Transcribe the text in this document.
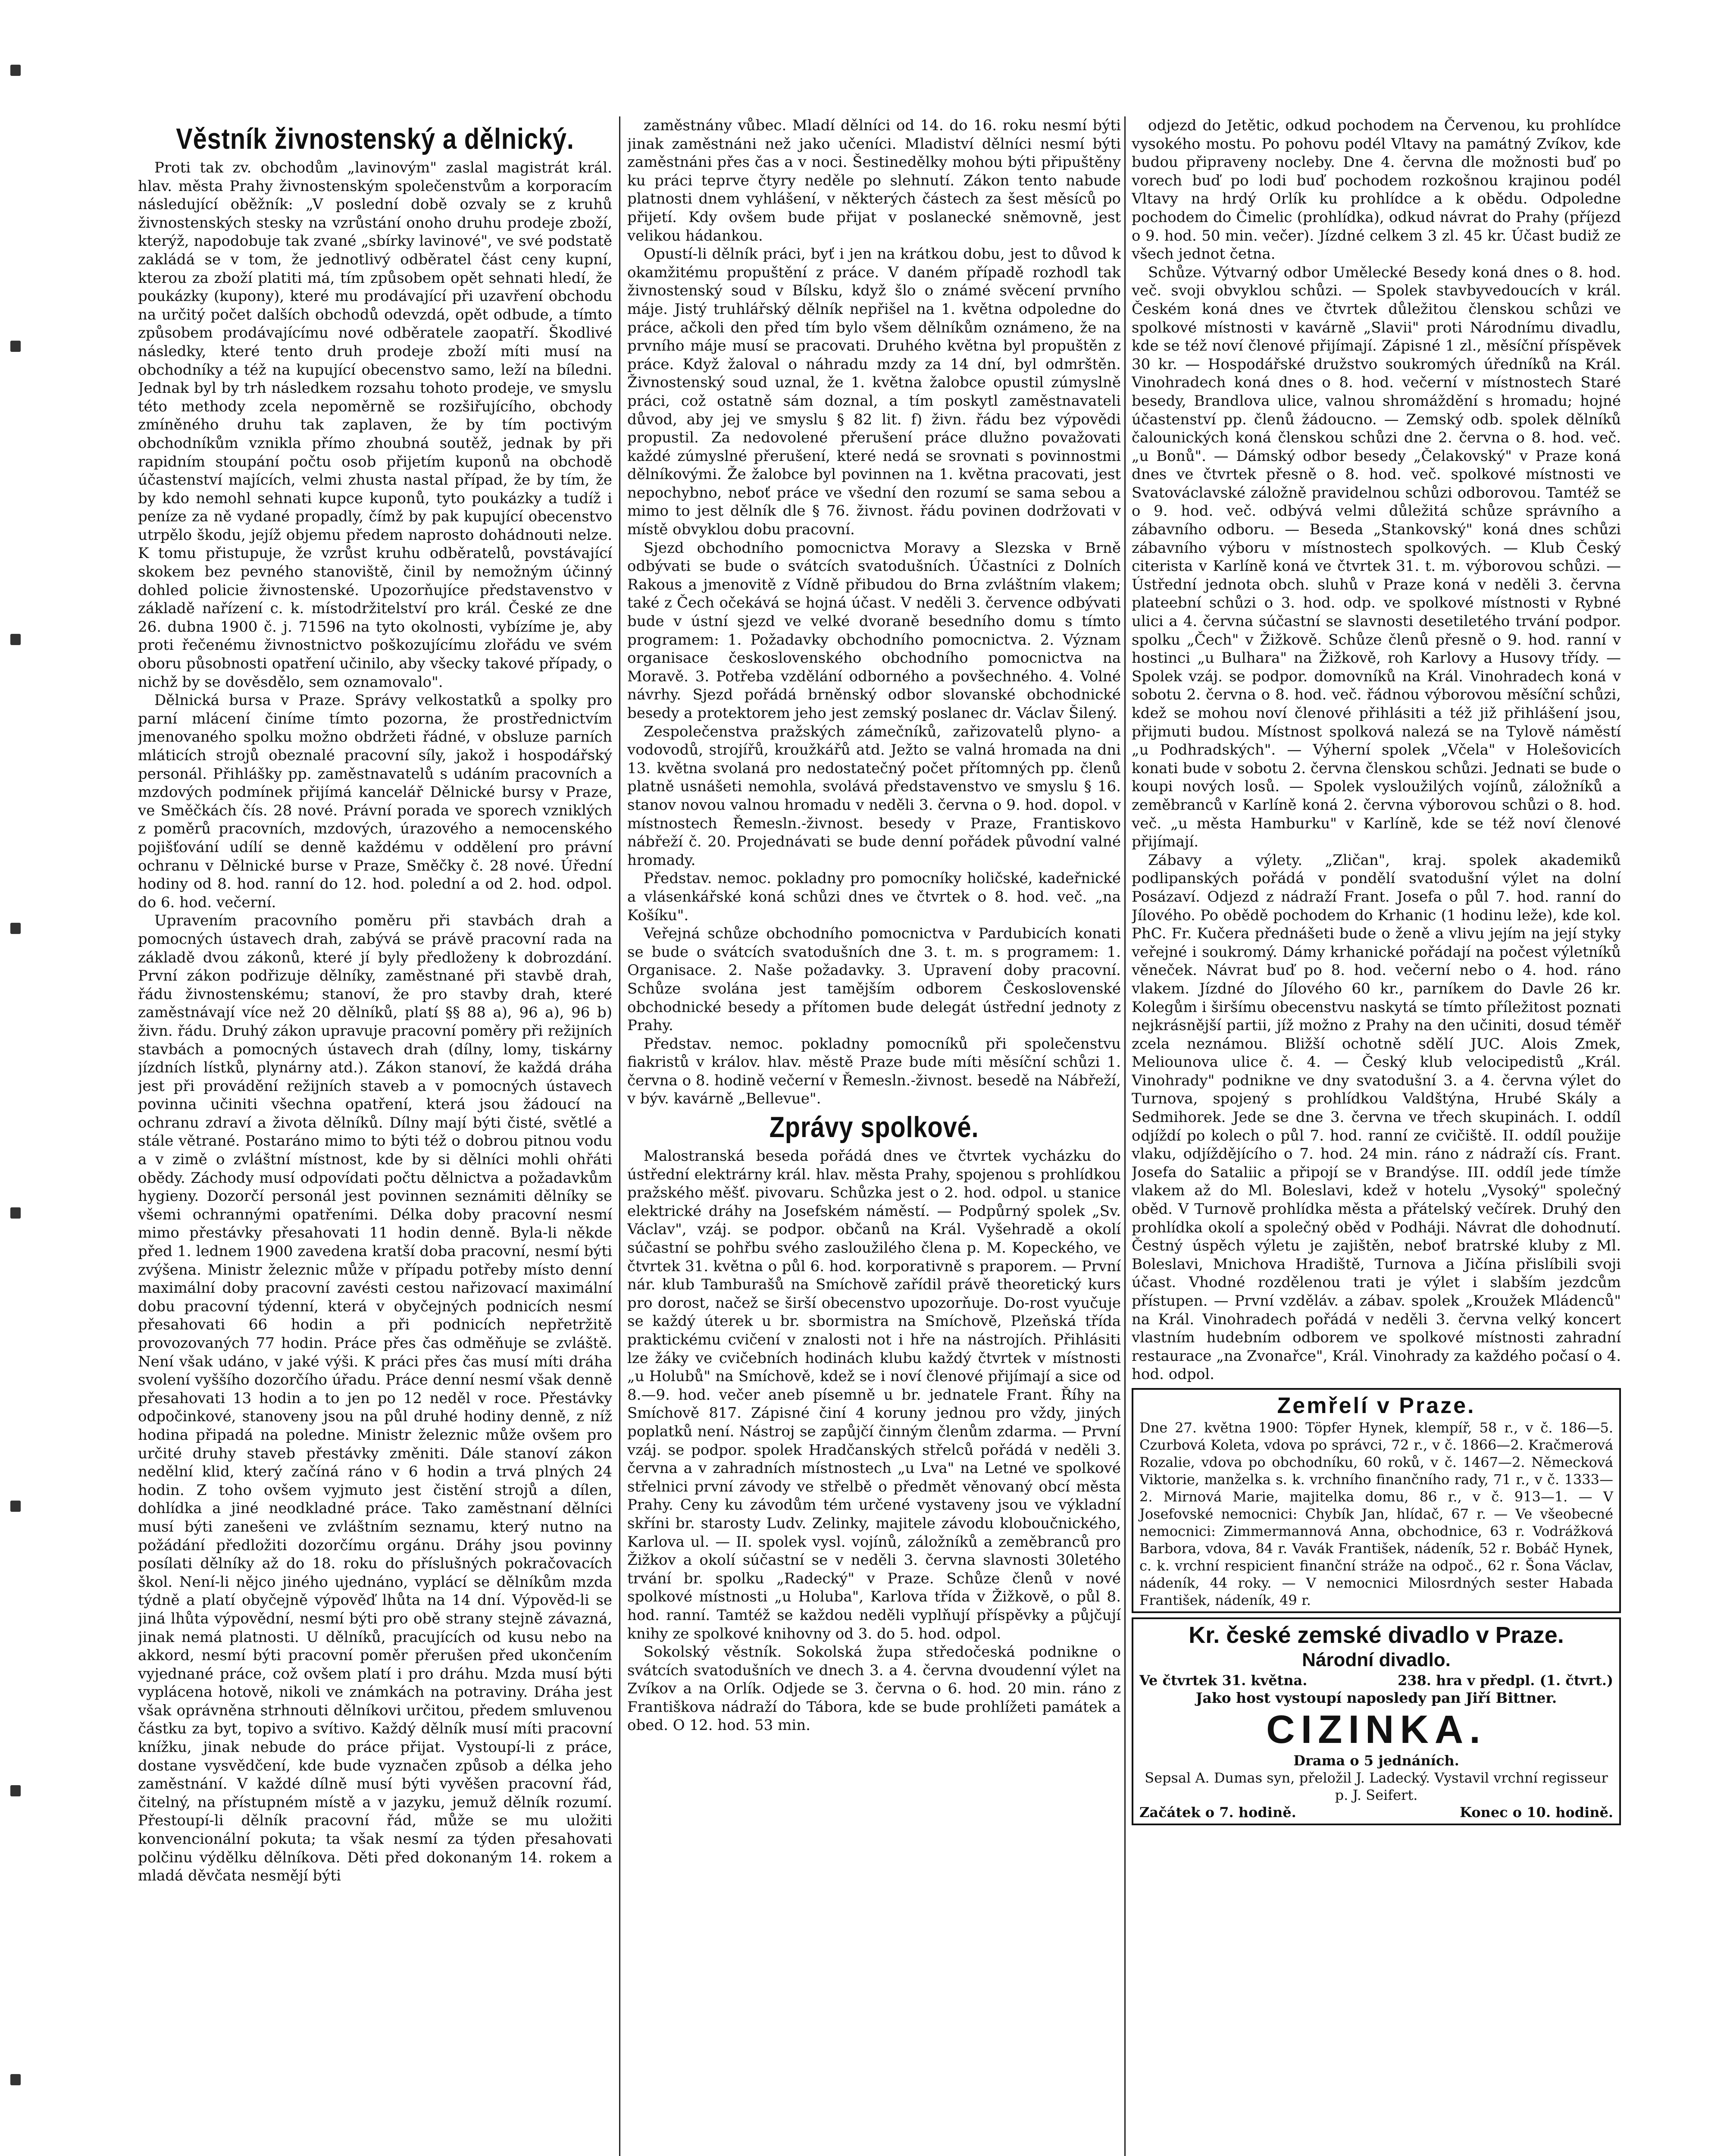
Věstník živnostenský a dělnický.

Proti tak zv. obchodům „lavinovým" zaslal magistrát král. hlav. města Prahy živnostenským společenstvům a korporacím následující oběžník: „V poslední době ozvaly se z kruhů živnostenských stesky na vzrůstání onoho druhu prodeje zboží, kterýž, napodobuje tak zvané „sbírky lavinové", ve své podstatě zakládá se v tom, že jednotlivý odběratel část ceny kupní, kterou za zboží platiti má, tím způsobem opět sehnati hledí, že poukázky (kupony), které mu prodávající při uzavření obchodu na určitý počet dalších obchodů odevzdá, opět odbude, a tímto způsobem prodávajícímu nové odběratele zaopatří. Škodlivé následky, které tento druh prodeje zboží míti musí na obchodníky a též na kupující obecenstvo samo, leží na bíledni. Jednak byl by trh následkem rozsahu tohoto prodeje, ve smyslu této methody zcela nepoměrně se rozšiřujícího, obchody zmíněného druhu tak zaplaven, že by tím poctivým obchodníkům vznikla přímo zhoubná soutěž, jednak by při rapidním stoupání počtu osob přijetím kuponů na obchodě účastenství majících, velmi zhusta nastal případ, že by tím, že by kdo nemohl sehnati kupce kuponů, tyto poukázky a tudíž i peníze za ně vydané propadly, čímž by pak kupující obecenstvo utrpělo škodu, jejíž objemu předem naprosto dohádnouti nelze. K tomu přistupuje, že vzrůst kruhu odběratelů, povstávající skokem bez pevného stanoviště, činil by nemožným účinný dohled policie živnostenské. Upozorňujíce představenstvo v základě nařízení c. k. místodržitelství pro král. České ze dne 26. dubna 1900 č. j. 71596 na tyto okolnosti, vybízíme je, aby proti řečenému živnostnictvo poškozujícímu zlořádu ve svém oboru působnosti opatření učinilo, aby všecky takové případy, o nichž by se dověsdělo, sem oznamovalo".

Dělnická bursa v Praze. Správy velkostatků a spolky pro parní mlácení činíme tímto pozorna, že prostřednictvím jmenovaného spolku možno obdržeti řádné, v obsluze parních mláticích strojů obeznalé pracovní síly, jakož i hospodářský personál. Přihlášky pp. zaměstnavatelů s udáním pracovních a mzdových podmínek přijímá kancelář Dělnické bursy v Praze, ve Směčkách čís. 28 nové. Právní porada ve sporech vzniklých z poměrů pracovních, mzdových, úrazového a nemocenského pojišťování udílí se denně každému v oddělení pro právní ochranu v Dělnické burse v Praze, Směčky č. 28 nové. Úřední hodiny od 8. hod. ranní do 12. hod. polední a od 2. hod. odpol. do 6. hod. večerní.

Upravením pracovního poměru při stavbách drah a pomocných ústavech drah, zabývá se právě pracovní rada na základě dvou zákonů, které jí byly předloženy k dobrozdání. První zákon podřizuje dělníky, zaměstnané při stavbě drah, řádu živnostenskému; stanoví, že pro stavby drah, které zaměstnávají více než 20 dělníků, platí §§ 88 a), 96 a), 96 b) živn. řádu. Druhý zákon upravuje pracovní poměry při režijních stavbách a pomocných ústavech drah (dílny, lomy, tiskárny jízdních lístků, plynárny atd.). Zákon stanoví, že každá dráha jest při provádění režijních staveb a v pomocných ústavech povinna učiniti všechna opatření, která jsou žádoucí na ochranu zdraví a života dělníků. Dílny mají býti čisté, světlé a stále větrané. Postaráno mimo to býti též o dobrou pitnou vodu a v zimě o zvláštní místnost, kde by si dělníci mohli ohřáti obědy. Záchody musí odpovídati počtu dělnictva a požadavkům hygieny. Dozorčí personál jest povinnen seznámiti dělníky se všemi ochrannými opatřeními. Délka doby pracovní nesmí mimo přestávky přesahovati 11 hodin denně. Byla-li někde před 1. lednem 1900 zavedena kratší doba pracovní, nesmí býti zvýšena. Ministr železnic může v případu potřeby místo denní maximální doby pracovní zavésti cestou nařizovací maximální dobu pracovní týdenní, která v obyčejných podnicích nesmí přesahovati 66 hodin a při podnicích nepřetržitě provozovaných 77 hodin. Práce přes čas odměňuje se zvláště. Není však udáno, v jaké výši. K práci přes čas musí míti dráha svolení vyššího dozorčího úřadu. Práce denní nesmí však denně přesahovati 13 hodin a to jen po 12 neděl v roce. Přestávky odpočinkové, stanoveny jsou na půl druhé hodiny denně, z níž hodina připadá na poledne. Ministr železnic může ovšem pro určité druhy staveb přestávky změniti. Dále stanoví zákon nedělní klid, který začíná ráno v 6 hodin a trvá plných 24 hodin. Z toho ovšem vyjmuto jest čistění strojů a dílen, dohlídka a jiné neodkladné práce. Tako zaměstnaní dělníci musí býti zanešeni ve zvláštním seznamu, který nutno na požádání předložiti dozorčímu orgánu. Dráhy jsou povinny posílati dělníky až do 18. roku do příslušných pokračovacích škol. Není-li nějco jiného ujednáno, vyplácí se dělníkům mzda týdně a platí obyčejně výpověď lhůta na 14 dní. Výpověd-li se jiná lhůta výpovědní, nesmí býti pro obě strany stejně závazná, jinak nemá platnosti. U dělníků, pracujících od kusu nebo na akkord, nesmí býti pracovní poměr přerušen před ukončením vyjednané práce, což ovšem platí i pro dráhu. Mzda musí býti vyplácena hotově, nikoli ve známkách na potraviny. Dráha jest však oprávněna strhnouti dělníkovi určitou, předem smluvenou částku za byt, topivo a svítivo. Každý dělník musí míti pracovní knížku, jinak nebude do práce přijat. Vystoupí-li z práce, dostane vysvědčení, kde bude vyznačen způsob a délka jeho zaměstnání. V každé dílně musí býti vyvěšen pracovní řád, čitelný, na přístupném místě a v jazyku, jemuž dělník rozumí. Přestoupí-li dělník pracovní řád, může se mu uložiti konvencionální pokuta; ta však nesmí za týden přesahovati polčinu výdělku dělníkova. Děti před dokonaným 14. rokem a mladá děvčata nesmějí býti

zaměstnány vůbec. Mladí dělníci od 14. do 16. roku nesmí býti jinak zaměstnáni než jako učeníci. Mladiství dělníci nesmí býti zaměstnáni přes čas a v noci. Šestinedělky mohou býti připuštěny ku práci teprve čtyry neděle po slehnutí. Zákon tento nabude platnosti dnem vyhlášení, v některých částech za šest měsíců po přijetí. Kdy ovšem bude přijat v poslanecké sněmovně, jest velikou hádankou.

Opustí-li dělník práci, byť i jen na krátkou dobu, jest to důvod k okamžitému propuštění z práce. V daném případě rozhodl tak živnostenský soud v Bílsku, když šlo o známé svěcení prvního máje. Jistý truhlářský dělník nepřišel na 1. května odpoledne do práce, ačkoli den před tím bylo všem dělníkům oznámeno, že na prvního máje musí se pracovati. Druhého května byl propuštěn z práce. Když žaloval o náhradu mzdy za 14 dní, byl odmrštěn. Živnostenský soud uznal, že 1. května žalobce opustil zúmyslně práci, což ostatně sám doznal, a tím poskytl zaměstnavateli důvod, aby jej ve smyslu § 82 lit. f) živn. řádu bez výpovědi propustil. Za nedovolené přerušení práce dlužno považovati každé zúmyslné přerušení, které nedá se srovnati s povinnostmi dělníkovými. Že žalobce byl povinnen na 1. května pracovati, jest nepochybno, neboť práce ve všední den rozumí se sama sebou a mimo to jest dělník dle § 76. živnost. řádu povinen dodržovati v místě obvyklou dobu pracovní.

Sjezd obchodního pomocnictva Moravy a Slezska v Brně odbývati se bude o svátcích svatodušních. Účastníci z Dolních Rakous a jmenovitě z Vídně přibudou do Brna zvláštním vlakem; také z Čech očekává se hojná účast. V neděli 3. července odbývati bude v ústní sjezd ve velké dvoraně besedního domu s tímto programem: 1. Požadavky obchodního pomocnictva. 2. Význam organisace československého obchodního pomocnictva na Moravě. 3. Potřeba vzdělání odborného a povšechného. 4. Volné návrhy. Sjezd pořádá brněnský odbor slovanské obchodnické besedy a protektorem jeho jest zemský poslanec dr. Václav Šilený.

Zespolečenstva pražských zámečníků, zařizovatelů plyno- a vodovodů, strojířů, kroužkářů atd. Ježto se valná hromada na dni 13. května svolaná pro nedostatečný počet přítomných pp. členů platně usnášeti nemohla, svolává představenstvo ve smyslu § 16. stanov novou valnou hromadu v neděli 3. června o 9. hod. dopol. v místnostech Řemesln.-živnost. besedy v Praze, Frantiskovo nábřeží č. 20. Projednávati se bude denní pořádek původní valné hromady.

Představ. nemoc. pokladny pro pomocníky holičské, kadeřnické a vlásenkářské koná schůzi dnes ve čtvrtek o 8. hod. več. „na Košíku".

Veřejná schůze obchodního pomocnictva v Pardubicích konati se bude o svátcích svatodušních dne 3. t. m. s programem: 1. Organisace. 2. Naše požadavky. 3. Upravení doby pracovní. Schůze svolána jest tamějším odborem Československé obchodnické besedy a přítomen bude delegát ústřední jednoty z Prahy.

Představ. nemoc. pokladny pomocníků při společenstvu fiakristů v králov. hlav. městě Praze bude míti měsíční schůzi 1. června o 8. hodině večerní v Řemesln.-živnost. besedě na Nábřeží, v býv. kavárně „Bellevue".

Zprávy spolkové.

Malostranská beseda pořádá dnes ve čtvrtek vycházku do ústřední elektrárny král. hlav. města Prahy, spojenou s prohlídkou pražského měšť. pivovaru. Schůzka jest o 2. hod. odpol. u stanice elektrické dráhy na Josefském náměstí. — Podpůrný spolek „Sv. Václav", vzáj. se podpor. občanů na Král. Vyšehradě a okolí súčastní se pohřbu svého zasloužilého člena p. M. Kopeckého, ve čtvrtek 31. května o půl 6. hod. korporativně s praporem. — První nár. klub Tamburašů na Smíchově zařídil právě theoretický kurs pro dorost, načež se širší obecenstvo upozorňuje. Do-rost vyučuje se každý úterek u br. sbormistra na Smíchově, Plzeňská třída praktickému cvičení v znalosti not i hře na nástrojích. Přihlásiti lze žáky ve cvičebních hodinách klubu každý čtvrtek v místnosti „u Holubů" na Smíchově, kdež se i noví členové přijímají a sice od 8.—9. hod. večer aneb písemně u br. jednatele Frant. Říhy na Smíchově 817. Zápisné činí 4 koruny jednou pro vždy, jiných poplatků není. Nástroj se zapůjčí činným členům zdarma. — První vzáj. se podpor. spolek Hradčanských střelců pořádá v neděli 3. června a v zahradních místnostech „u Lva" na Letné ve spolkové střelnici první závody ve střelbě o předmět věnovaný obcí města Prahy. Ceny ku závodům tém určené vystaveny jsou ve výkladní skříni br. starosty Ludv. Zelinky, majitele závodu kloboučnického, Karlova ul. — II. spolek vysl. vojínů, záložníků a zeměbranců pro Žižkov a okolí súčastní se v neděli 3. června slavnosti 30letého trvání br. spolku „Radecký" v Praze. Schůze členů v nové spolkové místnosti „u Holuba", Karlova třída v Žižkově, o půl 8. hod. ranní. Tamtéž se každou neděli vyplňují příspěvky a půjčují knihy ze spolkové knihovny od 3. do 5. hod. odpol.

Sokolský věstník. Sokolská župa středočeská podnikne o svátcích svatodušních ve dnech 3. a 4. června dvoudenní výlet na Zvíkov a na Orlík. Odjede se 3. června o 6. hod. 20 min. ráno z Františkova nádraží do Tábora, kde se bude prohlížeti památek a obed. O 12. hod. 53 min.

odjezd do Jetětic, odkud pochodem na Červenou, ku prohlídce vysokého mostu. Po pohovu podél Vltavy na památný Zvíkov, kde budou připraveny nocleby. Dne 4. června dle možnosti buď po vorech buď po lodi buď pochodem rozkošnou krajinou podél Vltavy na hrdý Orlík ku prohlídce a k obědu. Odpoledne pochodem do Čimelic (prohlídka), odkud návrat do Prahy (příjezd o 9. hod. 50 min. večer). Jízdné celkem 3 zl. 45 kr. Účast budiž ze všech jednot četna.

Schůze. Výtvarný odbor Umělecké Besedy koná dnes o 8. hod. več. svoji obvyklou schůzi. — Spolek stavbyvedoucích v král. Českém koná dnes ve čtvrtek důležitou členskou schůzi ve spolkové místnosti v kavárně „Slavii" proti Národnímu divadlu, kde se též noví členové přijímají. Zápisné 1 zl., měsíční příspěvek 30 kr. — Hospodářské družstvo soukromých úředníků na Král. Vinohradech koná dnes o 8. hod. večerní v místnostech Staré besedy, Brandlova ulice, valnou shromáždění s hromadu; hojné účastenství pp. členů žádoucno. — Zemský odb. spolek dělníků čalounických koná členskou schůzi dne 2. června o 8. hod. več. „u Bonů". — Dámský odbor besedy „Čelakovský" v Praze koná dnes ve čtvrtek přesně o 8. hod. več. spolkové místnosti ve Svatováclavské záložně pravidelnou schůzi odborovou. Tamtéž se o 9. hod. več. odbývá velmi důležitá schůze správního a zábavního odboru. — Beseda „Stankovský" koná dnes schůzi zábavního výboru v místnostech spolkových. — Klub Český citerista v Karlíně koná ve čtvrtek 31. t. m. výborovou schůzi. — Ústřední jednota obch. sluhů v Praze koná v neděli 3. června plateební schůzi o 3. hod. odp. ve spolkové místnosti v Rybné ulici a 4. června súčastní se slavnosti desetiletého trvání podpor. spolku „Čech" v Žižkově. Schůze členů přesně o 9. hod. ranní v hostinci „u Bulhara" na Žižkově, roh Karlovy a Husovy třídy. — Spolek vzáj. se podpor. domovníků na Král. Vinohradech koná v sobotu 2. června o 8. hod. več. řádnou výborovou měsíční schůzi, kdež se mohou noví členové přihlásiti a též již přihlášení jsou, přijmuti budou. Místnost spolková nalezá se na Tylově náměstí „u Podhradských". — Výherní spolek „Včela" v Holešovicích konati bude v sobotu 2. června členskou schůzi. Jednati se bude o koupi nových losů. — Spolek vysloužilých vojínů, záložníků a zeměbranců v Karlíně koná 2. června výborovou schůzi o 8. hod. več. „u města Hamburku" v Karlíně, kde se též noví členové přijímají.

Zábavy a výlety. „Zličan", kraj. spolek akademiků podlipanských pořádá v pondělí svatodušní výlet na dolní Posázaví. Odjezd z nádraží Frant. Josefa o půl 7. hod. ranní do Jílového. Po obědě pochodem do Krhanic (1 hodinu leže), kde kol. PhC. Fr. Kučera přednášeti bude o ženě a vlivu jejím na její styky veřejné i soukromý. Dámy krhanické pořádají na počest výletníků věneček. Návrat buď po 8. hod. večerní nebo o 4. hod. ráno vlakem. Jízdné do Jílového 60 kr., parníkem do Davle 26 kr. Kolegům i širšímu obecenstvu naskytá se tímto příležitost poznati nejkrásnější partii, jíž možno z Prahy na den učiniti, dosud téměř zcela neznámou. Bližší ochotně sdělí JUC. Alois Zmek, Meliounova ulice č. 4. — Český klub velocipedistů „Král. Vinohrady" podnikne ve dny svatodušní 3. a 4. června výlet do Turnova, spojený s prohlídkou Valdštýna, Hrubé Skály a Sedmihorek. Jede se dne 3. června ve třech skupinách. I. oddíl odjíždí po kolech o půl 7. hod. ranní ze cvičiště. II. oddíl použije vlaku, odjíždějícího o 7. hod. 24 min. ráno z nádraží cís. Frant. Josefa do Sataliic a připojí se v Brandýse. III. oddíl jede tímže vlakem až do Ml. Boleslavi, kdež v hotelu „Vysoký" společný oběd. V Turnově prohlídka města a přátelský večírek. Druhý den prohlídka okolí a společný oběd v Podháji. Návrat dle dohodnutí. Čestný úspěch výletu je zajištěn, neboť bratrské kluby z Ml. Boleslavi, Mnichova Hradiště, Turnova a Jičína přislíbili svoji účast. Vhodné rozdělenou trati je výlet i slabším jezdcům přístupen. — První vzděláv. a zábav. spolek „Kroužek Mládenců" na Král. Vinohradech pořádá v neděli 3. června velký koncert vlastním hudebním odborem ve spolkové místnosti zahradní restaurace „na Zvonařce", Král. Vinohrady za každého počasí o 4. hod. odpol.

Zemřelí v Praze.

Dne 27. května 1900: Töpfer Hynek, klempíř, 58 r., v č. 186—5. Czurbová Koleta, vdova po správci, 72 r., v č. 1866—2. Kračmerová Rozalie, vdova po obchodníku, 60 roků, v č. 1467—2. Německová Viktorie, manželka s. k. vrchního finančního rady, 71 r., v č. 1333—2. Mirnová Marie, majitelka domu, 86 r., v č. 913—1. — V Josefovské nemocnici: Chybík Jan, hlídač, 67 r. — Ve všeobecné nemocnici: Zimmermannová Anna, obchodnice, 63 r. Vodrážková Barbora, vdova, 84 r. Vavák František, nádeník, 52 r. Bobáč Hynek, c. k. vrchní respicient finanční stráže na odpoč., 62 r. Šona Václav, nádeník, 44 roky. — V nemocnici Milosrdných sester Habada František, nádeník, 49 r.

Kr. české zemské divadlo v Praze.
Národní divadlo.
Ve čtvrtek 31. května.	238. hra v předpl. (1. čtvrt.)
Jako host vystoupí naposledy pan Jiří Bittner.
CIZINKA.
Drama o 5 jednáních.
Sepsal A. Dumas syn, přeložil J. Ladecký. Vystavil vrchní regisseur p. J. Seifert.
Začátek o 7. hodině.	Konec o 10. hodině.
